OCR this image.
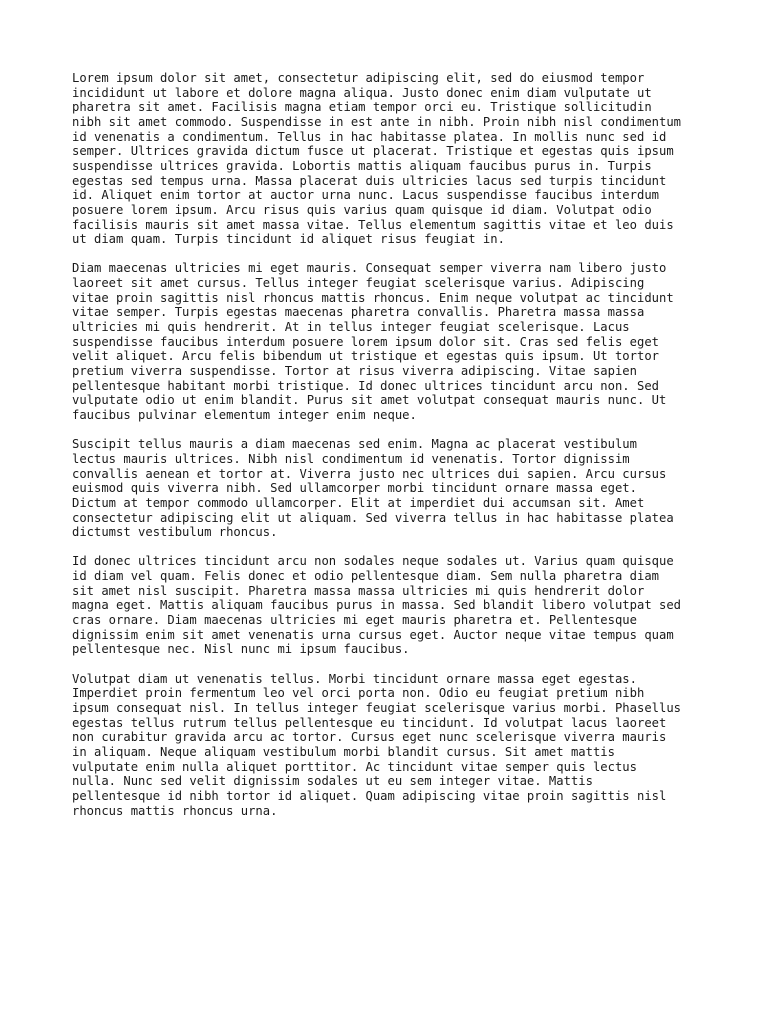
Lorem ipsum dolor sit amet, consectetur adipiscing elit, sed do eiusmod tempor
incididunt ut labore et dolore magna aliqua. Justo donec enim diam vulputate ut
pharetra sit amet. Facilisis magna etiam tempor orci eu. Tristique sollicitudin
nibh sit amet commodo. Suspendisse in est ante in nibh. Proin nibh nisl condimentum
id venenatis a condimentum. Tellus in hac habitasse platea. In mollis nunc sed id
semper. Ultrices gravida dictum fusce ut placerat. Tristique et egestas quis ipsum
suspendisse ultrices gravida. Lobortis mattis aliquam faucibus purus in. Turpis
egestas sed tempus urna. Massa placerat duis ultricies lacus sed turpis tincidunt
id. Aliquet enim tortor at auctor urna nunc. Lacus suspendisse faucibus interdum
posuere lorem ipsum. Arcu risus quis varius quam quisque id diam. Volutpat odio
facilisis mauris sit amet massa vitae. Tellus elementum sagittis vitae et leo duis
ut diam quam. Turpis tincidunt id aliquet risus feugiat in.

Diam maecenas ultricies mi eget mauris. Consequat semper viverra nam libero justo
laoreet sit amet cursus. Tellus integer feugiat scelerisque varius. Adipiscing
vitae proin sagittis nisl rhoncus mattis rhoncus. Enim neque volutpat ac tincidunt
vitae semper. Turpis egestas maecenas pharetra convallis. Pharetra massa massa
ultricies mi quis hendrerit. At in tellus integer feugiat scelerisque. Lacus
suspendisse faucibus interdum posuere lorem ipsum dolor sit. Cras sed felis eget
velit aliquet. Arcu felis bibendum ut tristique et egestas quis ipsum. Ut tortor
pretium viverra suspendisse. Tortor at risus viverra adipiscing. Vitae sapien
pellentesque habitant morbi tristique. Id donec ultrices tincidunt arcu non. Sed
vulputate odio ut enim blandit. Purus sit amet volutpat consequat mauris nunc. Ut
faucibus pulvinar elementum integer enim neque.

Suscipit tellus mauris a diam maecenas sed enim. Magna ac placerat vestibulum
lectus mauris ultrices. Nibh nisl condimentum id venenatis. Tortor dignissim
convallis aenean et tortor at. Viverra justo nec ultrices dui sapien. Arcu cursus
euismod quis viverra nibh. Sed ullamcorper morbi tincidunt ornare massa eget.
Dictum at tempor commodo ullamcorper. Elit at imperdiet dui accumsan sit. Amet
consectetur adipiscing elit ut aliquam. Sed viverra tellus in hac habitasse platea
dictumst vestibulum rhoncus.

Id donec ultrices tincidunt arcu non sodales neque sodales ut. Varius quam quisque
id diam vel quam. Felis donec et odio pellentesque diam. Sem nulla pharetra diam
sit amet nisl suscipit. Pharetra massa massa ultricies mi quis hendrerit dolor
magna eget. Mattis aliquam faucibus purus in massa. Sed blandit libero volutpat sed
cras ornare. Diam maecenas ultricies mi eget mauris pharetra et. Pellentesque
dignissim enim sit amet venenatis urna cursus eget. Auctor neque vitae tempus quam
pellentesque nec. Nisl nunc mi ipsum faucibus.

Volutpat diam ut venenatis tellus. Morbi tincidunt ornare massa eget egestas.
Imperdiet proin fermentum leo vel orci porta non. Odio eu feugiat pretium nibh
ipsum consequat nisl. In tellus integer feugiat scelerisque varius morbi. Phasellus
egestas tellus rutrum tellus pellentesque eu tincidunt. Id volutpat lacus laoreet
non curabitur gravida arcu ac tortor. Cursus eget nunc scelerisque viverra mauris
in aliquam. Neque aliquam vestibulum morbi blandit cursus. Sit amet mattis
vulputate enim nulla aliquet porttitor. Ac tincidunt vitae semper quis lectus
nulla. Nunc sed velit dignissim sodales ut eu sem integer vitae. Mattis
pellentesque id nibh tortor id aliquet. Quam adipiscing vitae proin sagittis nisl
rhoncus mattis rhoncus urna.
